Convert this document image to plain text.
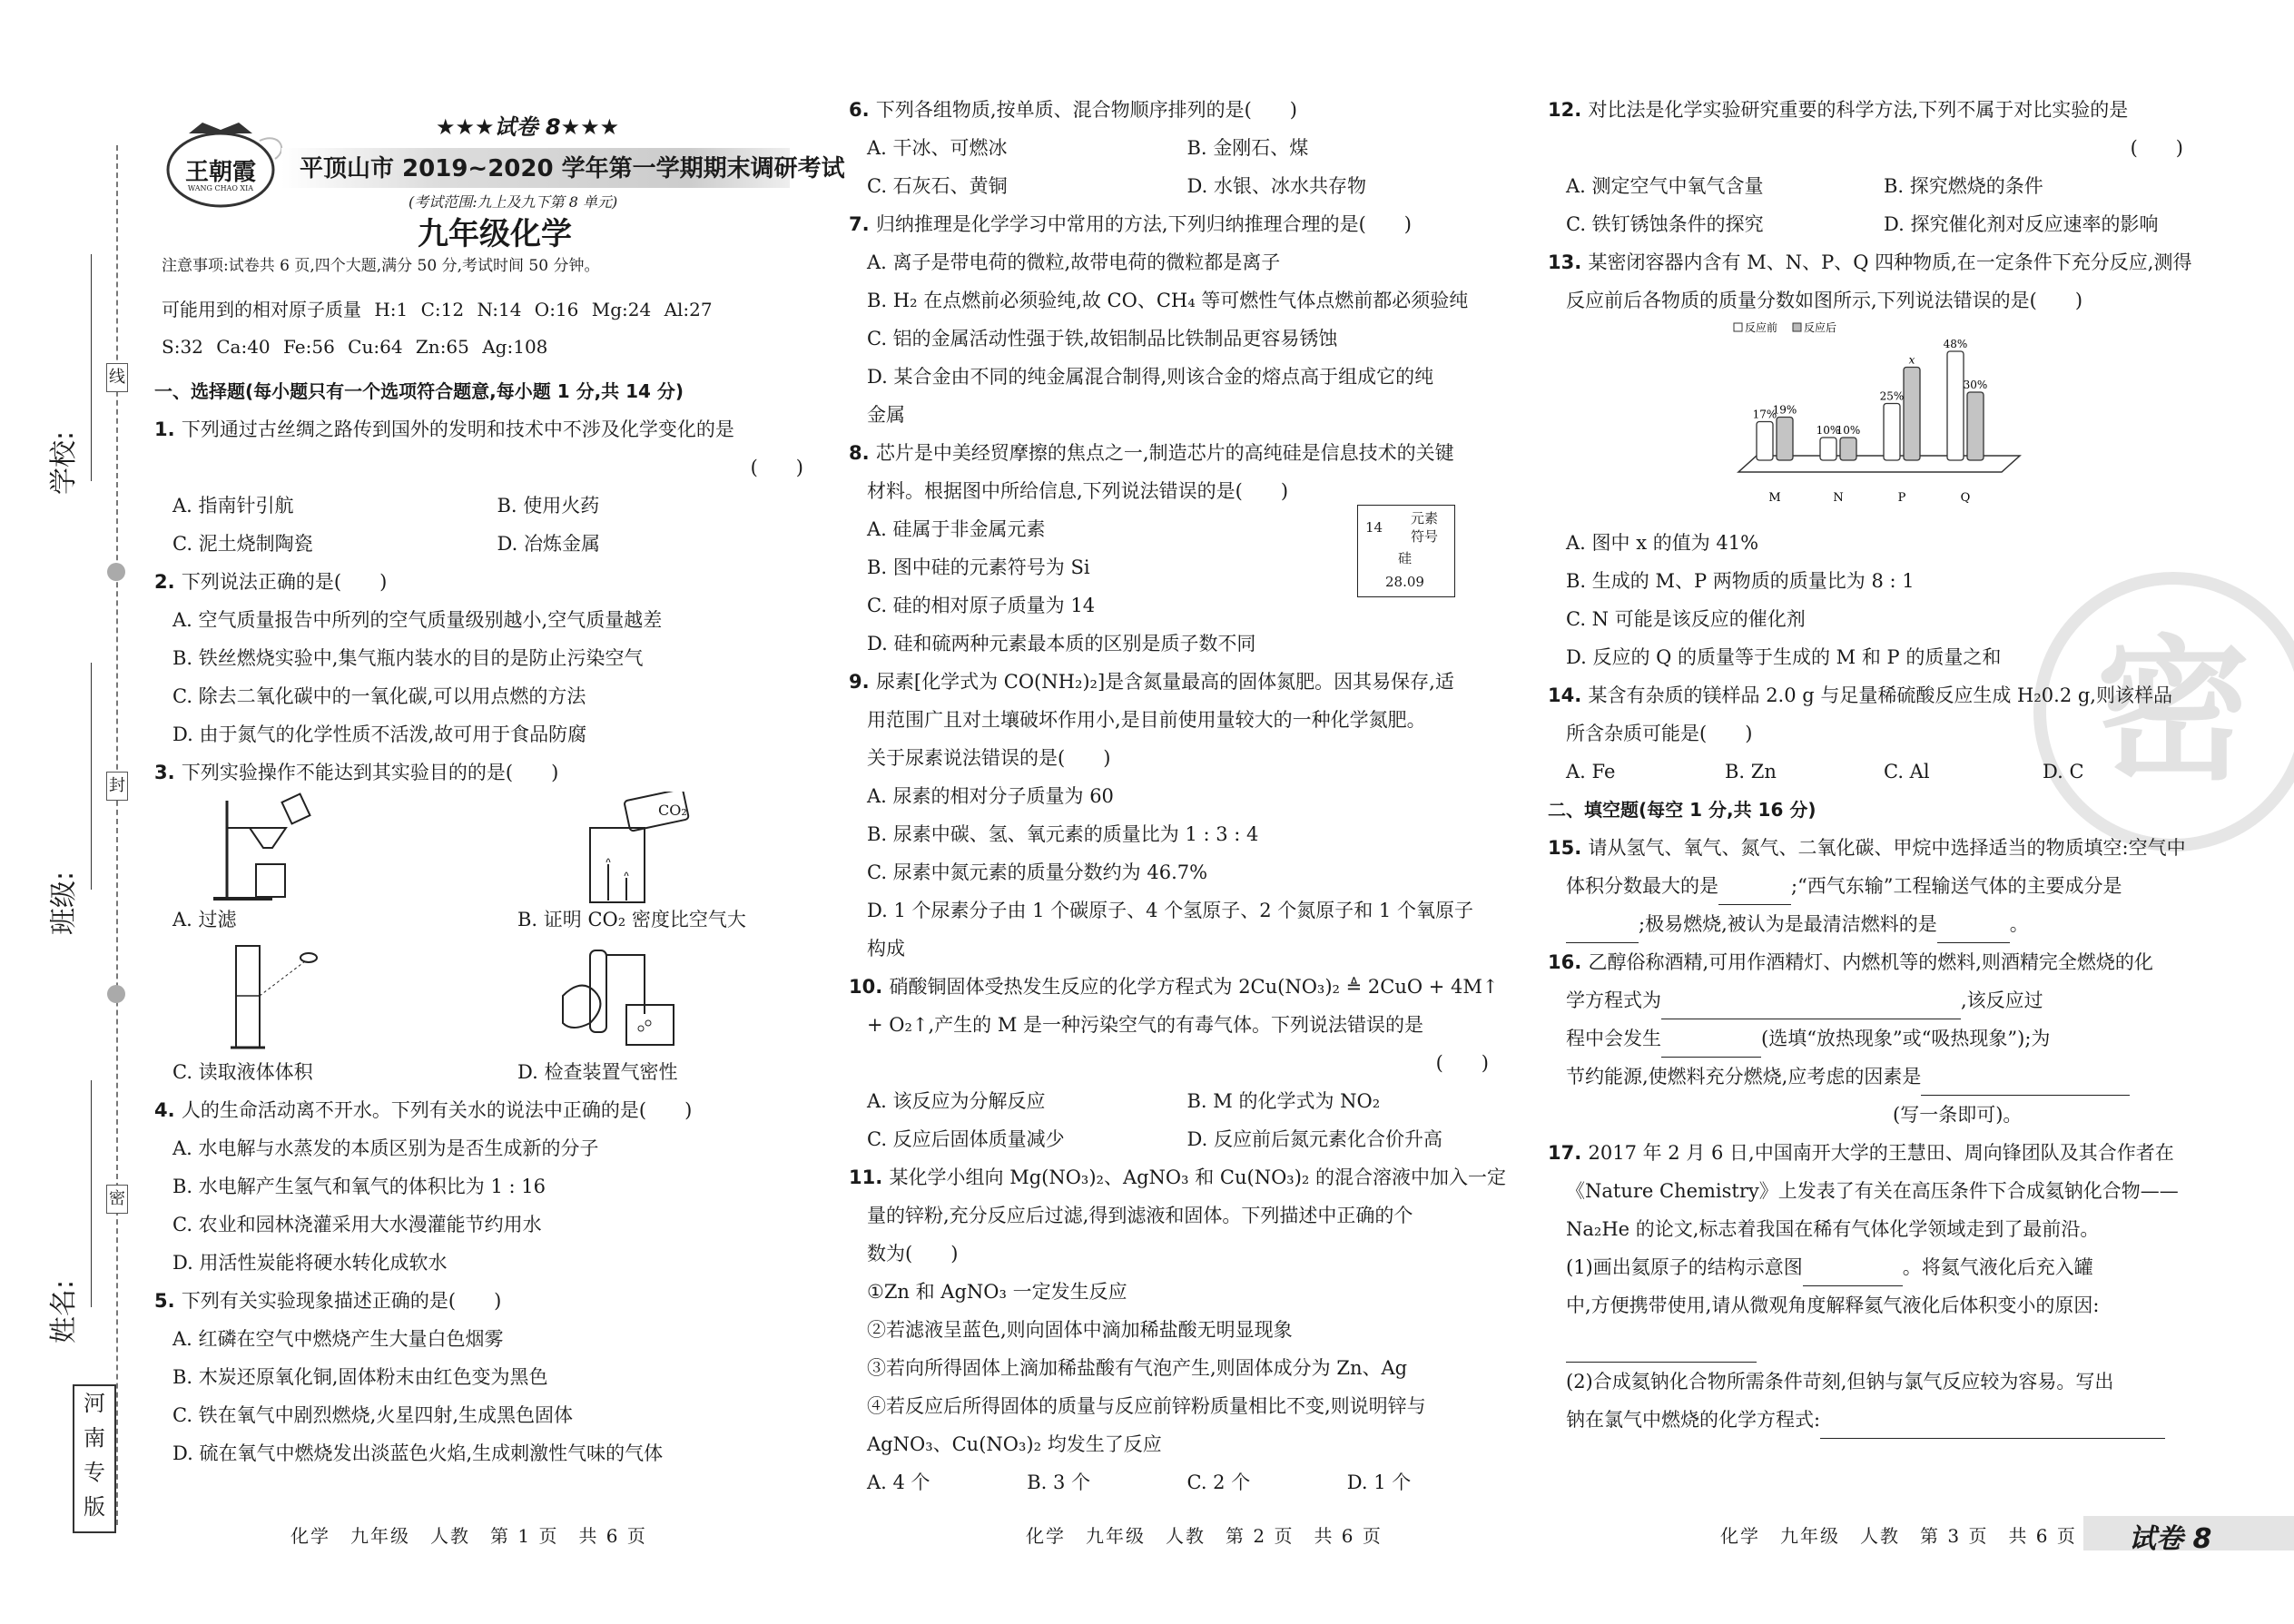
线
封
密
学校:
班级:
姓名:
河
南
专
版
王朝霞
WANG CHAO XIA
★★★试卷 8★★★
平顶山市 2019~2020 学年第一学期期末调研考试
(考试范围:九上及九下第 8 单元)
九年级化学
注意事项:试卷共 6 页,四个大题,满分 50 分,考试时间 50 分钟。
可能用到的相对原子质量 H:1 C:12 N:14 O:16 Mg:24 Al:27
S:32 Ca:40 Fe:56 Cu:64 Zn:65 Ag:108
一、选择题(每小题只有一个选项符合题意,每小题 1 分,共 14 分)
1. 下列通过古丝绸之路传到国外的发明和技术中不涉及化学变化的是
(　　)
A. 指南针引航	B. 使用火药
C. 泥土烧制陶瓷	D. 冶炼金属
2. 下列说法正确的是(　　)
A. 空气质量报告中所列的空气质量级别越小,空气质量越差
B. 铁丝燃烧实验中,集气瓶内装水的目的是防止污染空气
C. 除去二氧化碳中的一氧化碳,可以用点燃的方法
D. 由于氮气的化学性质不活泼,故可用于食品防腐
3. 下列实验操作不能达到其实验目的的是(　　)
A. 过滤
CO₂
B. 证明 CO₂ 密度比空气大
C. 读取液体体积	D. 检查装置气密性
4. 人的生命活动离不开水。下列有关水的说法中正确的是(　　)
A. 水电解与水蒸发的本质区别为是否生成新的分子
B. 水电解产生氢气和氧气的体积比为 1 : 16
C. 农业和园林浇灌采用大水漫灌能节约用水
D. 用活性炭能将硬水转化成软水
5. 下列有关实验现象描述正确的是(　　)
A. 红磷在空气中燃烧产生大量白色烟雾
B. 木炭还原氧化铜,固体粉末由红色变为黑色
C. 铁在氧气中剧烈燃烧,火星四射,生成黑色固体
D. 硫在氧气中燃烧发出淡蓝色火焰,生成刺激性气味的气体
6. 下列各组物质,按单质、混合物顺序排列的是(　　)
A. 干冰、可燃冰	B. 金刚石、煤
C. 石灰石、黄铜	D. 水银、冰水共存物
7. 归纳推理是化学学习中常用的方法,下列归纳推理合理的是(　　)
A. 离子是带电荷的微粒,故带电荷的微粒都是离子
B. H₂ 在点燃前必须验纯,故 CO、CH₄ 等可燃性气体点燃前都必须验纯
C. 铝的金属活动性强于铁,故铝制品比铁制品更容易锈蚀
D. 某合金由不同的纯金属混合制得,则该合金的熔点高于组成它的纯
金属
8. 芯片是中美经贸摩擦的焦点之一,制造芯片的高纯硅是信息技术的关键
材料。根据图中所给信息,下列说法错误的是(　　)
A. 硅属于非金属元素
B. 图中硅的元素符号为 Si
C. 硅的相对原子质量为 14
D. 硅和硫两种元素最本质的区别是质子数不同
14
元素符号
硅
28.09
9. 尿素[化学式为 CO(NH₂)₂]是含氮量最高的固体氮肥。因其易保存,适
用范围广且对土壤破坏作用小,是目前使用量较大的一种化学氮肥。
关于尿素说法错误的是(　　)
A. 尿素的相对分子质量为 60
B. 尿素中碳、氢、氧元素的质量比为 1 : 3 : 4
C. 尿素中氮元素的质量分数约为 46.7%
D. 1 个尿素分子由 1 个碳原子、4 个氢原子、2 个氮原子和 1 个氧原子
构成
10. 硝酸铜固体受热发生反应的化学方程式为 2Cu(NO₃)₂ ≜ 2CuO + 4M↑
+ O₂↑,产生的 M 是一种污染空气的有毒气体。下列说法错误的是
(　　)
A. 该反应为分解反应	B. M 的化学式为 NO₂
C. 反应后固体质量减少	D. 反应前后氮元素化合价升高
11. 某化学小组向 Mg(NO₃)₂、AgNO₃ 和 Cu(NO₃)₂ 的混合溶液中加入一定
量的锌粉,充分反应后过滤,得到滤液和固体。下列描述中正确的个
数为(　　)
①Zn 和 AgNO₃ 一定发生反应
②若滤液呈蓝色,则向固体中滴加稀盐酸无明显现象
③若向所得固体上滴加稀盐酸有气泡产生,则固体成分为 Zn、Ag
④若反应后所得固体的质量与反应前锌粉质量相比不变,则说明锌与
AgNO₃、Cu(NO₃)₂ 均发生了反应
A. 4 个	B. 3 个	C. 2 个	D. 1 个
密
12. 对比法是化学实验研究重要的科学方法,下列不属于对比实验的是
(　　)
A. 测定空气中氧气含量	B. 探究燃烧的条件
C. 铁钉锈蚀条件的探究	D. 探究催化剂对反应速率的影响
13. 某密闭容器内含有 M、N、P、Q 四种物质,在一定条件下充分反应,测得
反应前后各物质的质量分数如图所示,下列说法错误的是(　　)
反应前 反应后
17%
19%
M
10%
10%
N
25%
x
P
48%
30%
Q
A. 图中 x 的值为 41%
B. 生成的 M、P 两物质的质量比为 8 : 1
C. N 可能是该反应的催化剂
D. 反应的 Q 的质量等于生成的 M 和 P 的质量之和
14. 某含有杂质的镁样品 2.0 g 与足量稀硫酸反应生成 H₂0.2 g,则该样品
所含杂质可能是(　　)
A. Fe	B. Zn	C. Al	D. C
二、填空题(每空 1 分,共 16 分)
15. 请从氢气、氧气、氮气、二氧化碳、甲烷中选择适当的物质填空:空气中
体积分数最大的是	;“西气东输”工程输送气体的主要成分是
;极易燃烧,被认为是最清洁燃料的是	。
16. 乙醇俗称酒精,可用作酒精灯、内燃机等的燃料,则酒精完全燃烧的化
学方程式为	,该反应过
程中会发生	(选填“放热现象”或“吸热现象”);为
节约能源,使燃料充分燃烧,应考虑的因素是
(写一条即可)。
17. 2017 年 2 月 6 日,中国南开大学的王慧田、周向锋团队及其合作者在
《Nature Chemistry》上发表了有关在高压条件下合成氦钠化合物——
Na₂He 的论文,标志着我国在稀有气体化学领域走到了最前沿。
(1)画出氦原子的结构示意图	。将氦气液化后充入罐
中,方便携带使用,请从微观角度解释氦气液化后体积变小的原因:
(2)合成氦钠化合物所需条件苛刻,但钠与氯气反应较为容易。写出
钠在氯气中燃烧的化学方程式:
化学　九年级　人教　第 1 页　共 6 页	化学　九年级　人教　第 2 页　共 6 页	化学　九年级　人教　第 3 页　共 6 页 试卷 8
